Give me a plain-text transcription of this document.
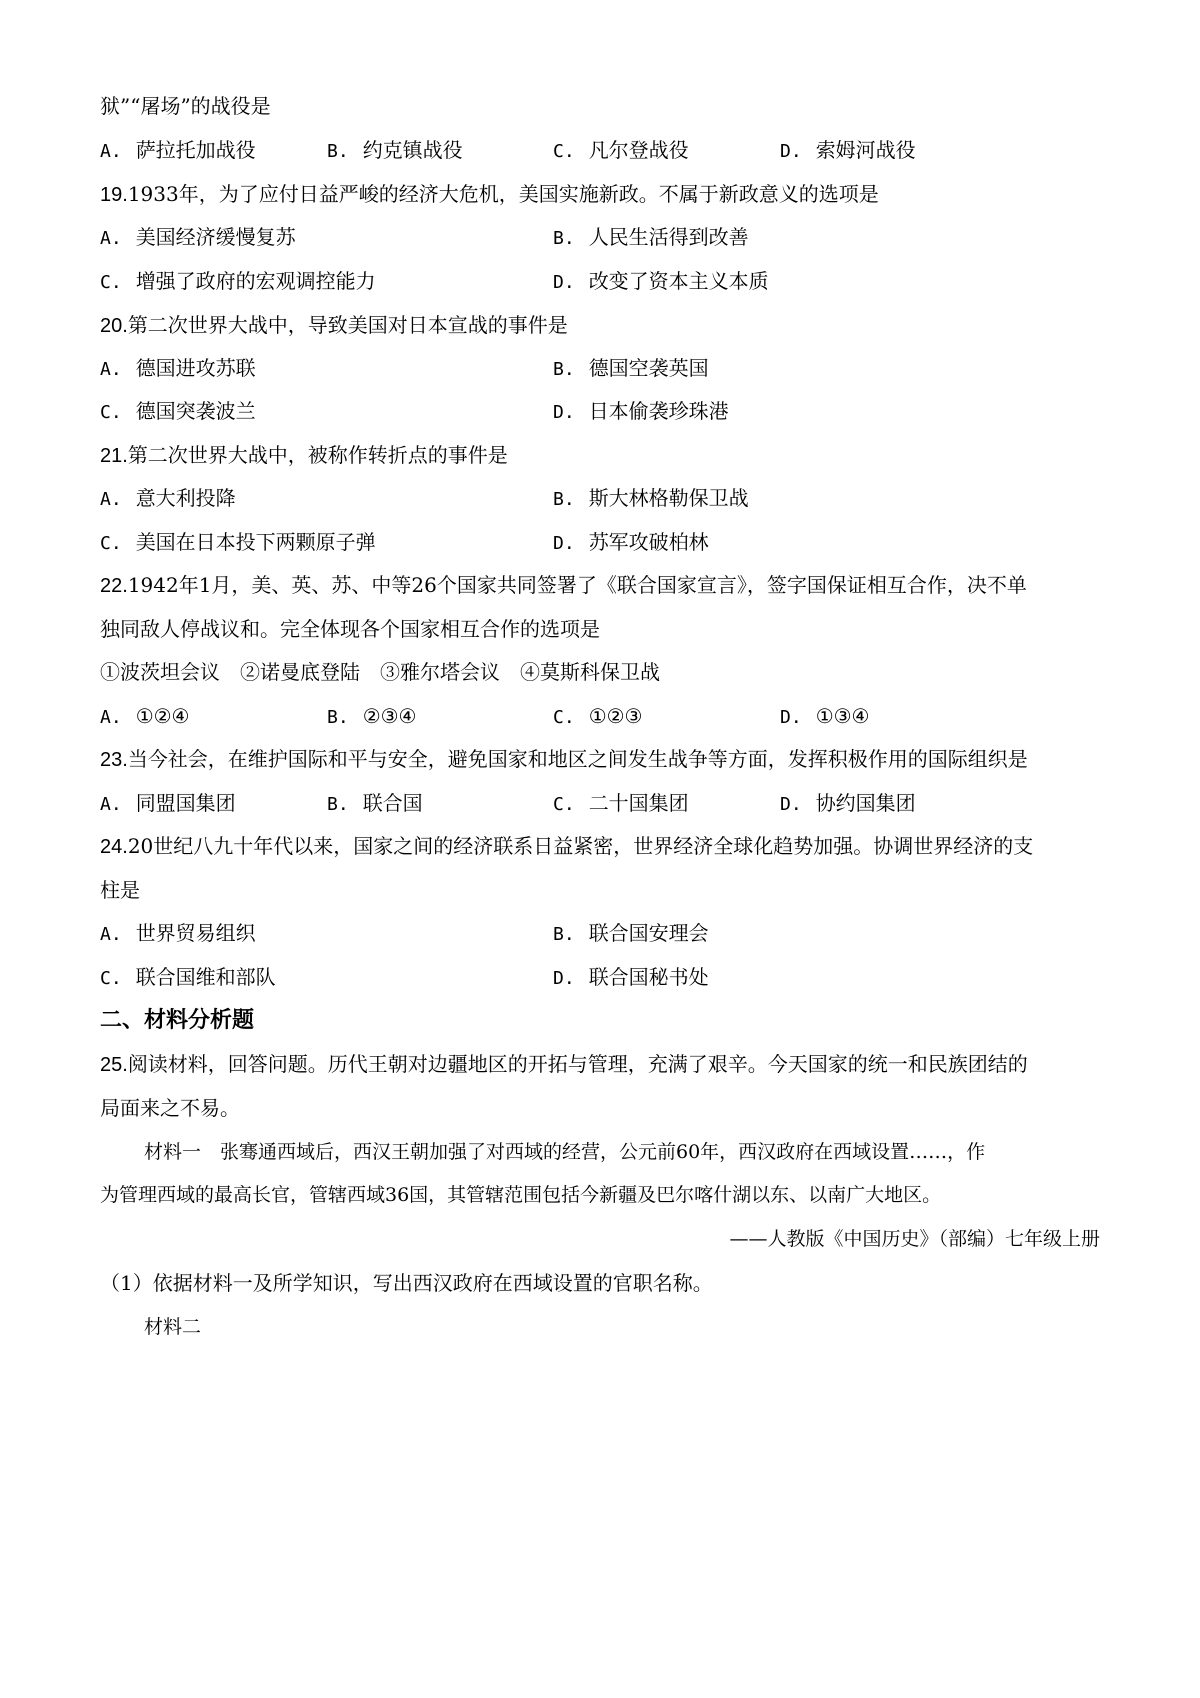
狱”“屠场”的战役是
A. 萨拉托加战役	B. 约克镇战役	C. 凡尔登战役	D. 索姆河战役
19.1933年，为了应付日益严峻的经济大危机，美国实施新政。不属于新政意义的选项是
A. 美国经济缓慢复苏	B. 人民生活得到改善
C. 增强了政府的宏观调控能力	D. 改变了资本主义本质
20.第二次世界大战中，导致美国对日本宣战的事件是
A. 德国进攻苏联	B. 德国空袭英国
C. 德国突袭波兰	D. 日本偷袭珍珠港
21.第二次世界大战中，被称作转折点的事件是
A. 意大利投降	B. 斯大林格勒保卫战
C. 美国在日本投下两颗原子弹	D. 苏军攻破柏林
22.1942年1月，美、英、苏、中等26个国家共同签署了《联合国家宣言》，签字国保证相互合作，决不单
独同敌人停战议和。完全体现各个国家相互合作的选项是
①波茨坦会议　②诺曼底登陆　③雅尔塔会议　④莫斯科保卫战
A. ①②④	B. ②③④	C. ①②③	D. ①③④
23.当今社会，在维护国际和平与安全，避免国家和地区之间发生战争等方面，发挥积极作用的国际组织是
A. 同盟国集团	B. 联合国	C. 二十国集团	D. 协约国集团
24.20世纪八九十年代以来，国家之间的经济联系日益紧密，世界经济全球化趋势加强。协调世界经济的支
柱是
A. 世界贸易组织	B. 联合国安理会
C. 联合国维和部队	D. 联合国秘书处
二、材料分析题
25.阅读材料，回答问题。历代王朝对边疆地区的开拓与管理，充满了艰辛。今天国家的统一和民族团结的
局面来之不易。
材料一　张骞通西域后，西汉王朝加强了对西域的经营，公元前60年，西汉政府在西域设置……，作
为管理西域的最高长官，管辖西域36国，其管辖范围包括今新疆及巴尔喀什湖以东、以南广大地区。
——人教版《中国历史》（部编）七年级上册
（1）依据材料一及所学知识，写出西汉政府在西域设置的官职名称。
材料二
